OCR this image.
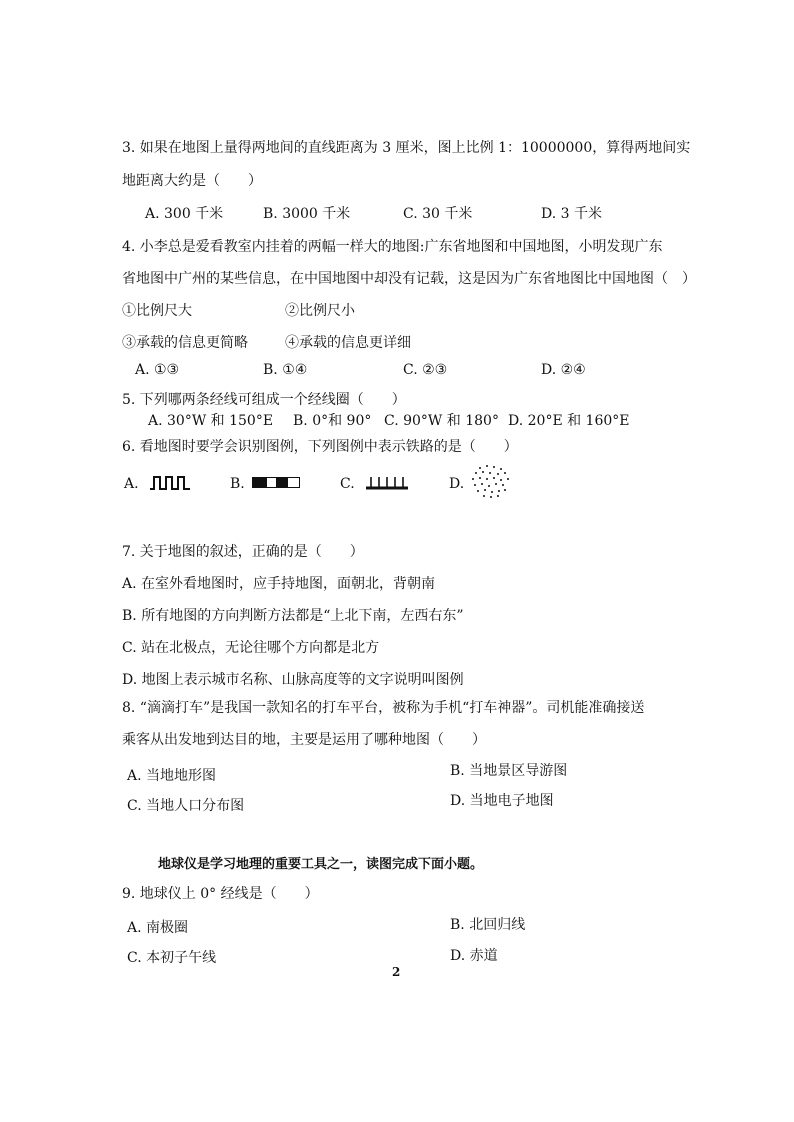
3. 如果在地图上量得两地间的直线距离为 3 厘米，图上比例 1：10000000，算得两地间实
地距离大约是（　　）
A. 300 千米	B. 3000 千米	C. 30 千米	D. 3 千米
4. 小李总是爱看教室内挂着的两幅一样大的地图:广东省地图和中国地图，小明发现广东
省地图中广州的某些信息，在中国地图中却没有记载，这是因为广东省地图比中国地图（　）
①比例尺大	②比例尺小
③承载的信息更简略	④承载的信息更详细
A. ①③	B. ①④	C. ②③	D. ②④
5. 下列哪两条经线可组成一个经线圈（　　）
A. 30°W 和 150°E B. 0°和 90° C. 90°W 和 180° D. 20°E 和 160°E
6. 看地图时要学会识别图例，下列图例中表示铁路的是（　　）
A.	B.	C.	D.
7. 关于地图的叙述，正确的是（　　）
A. 在室外看地图时，应手持地图，面朝北，背朝南
B. 所有地图的方向判断方法都是“上北下南，左西右东”
C. 站在北极点，无论往哪个方向都是北方
D. 地图上表示城市名称、山脉高度等的文字说明叫图例
8. “滴滴打车”是我国一款知名的打车平台，被称为手机“打车神器”。司机能准确接送
乘客从出发地到达目的地，主要是运用了哪种地图（　　）
A. 当地地形图	B. 当地景区导游图
C. 当地人口分布图	D. 当地电子地图
地球仪是学习地理的重要工具之一，读图完成下面小题。
9. 地球仪上 0° 经线是（　　）
A. 南极圈	B. 北回归线
C. 本初子午线	D. 赤道
2
